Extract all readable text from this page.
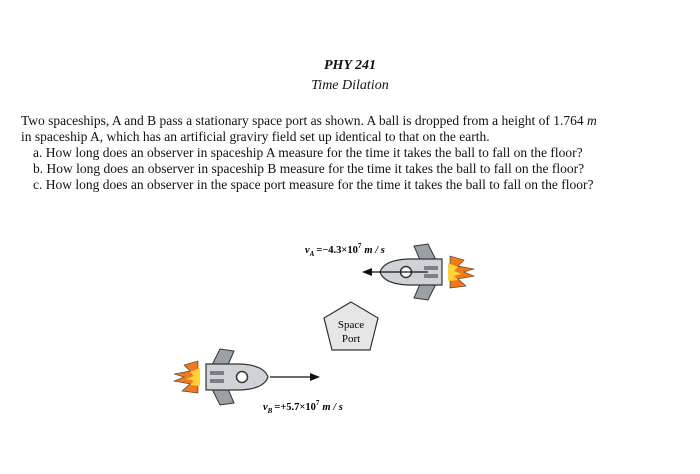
PHY 241
Time Dilation
Two spaceships, A and B pass a stationary space port as shown. A ball is dropped from a height of 1.764 m
in spaceship A, which has an artificial graviry field set up identical to that on the earth.
a. How long does an observer in spaceship A measure for the time it takes the ball to fall on the floor?
b. How long does an observer in spaceship B measure for the time it takes the ball to fall on the floor?
c. How long does an observer in the space port measure for the time it takes the ball to fall on the floor?
$v_A =-4.3\times 10^7$ m / s
$v_B =+5.7\times 10^7$ m / s
Space
Port
